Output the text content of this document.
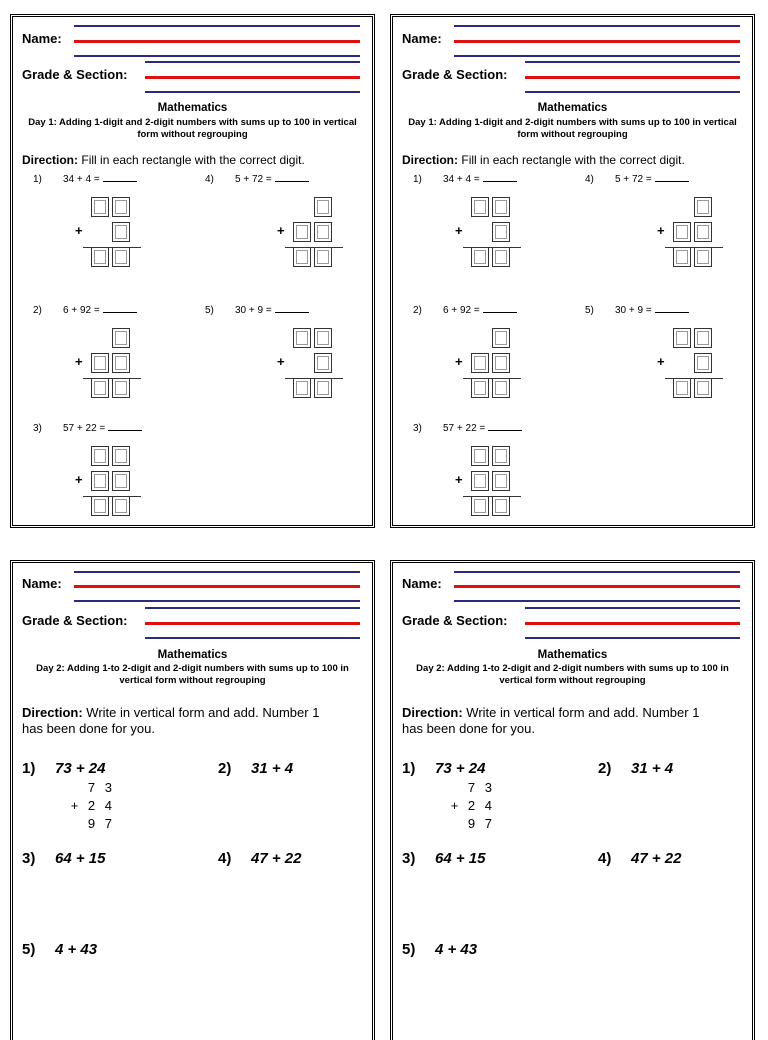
Name:
Grade & Section:
Mathematics
Day 1: Adding 1-digit and 2-digit numbers with sums up to 100 in vertical form without regrouping
Direction: Fill in each rectangle with the correct digit.
1) 34 + 4 =
+
4) 5 + 72 =
+
2) 6 + 92 =
+
5) 30 + 9 =
+
3) 57 + 22 =
+
Name:
Grade & Section:
Mathematics
Day 1: Adding 1-digit and 2-digit numbers with sums up to 100 in vertical form without regrouping
Direction: Fill in each rectangle with the correct digit.
1) 34 + 4 =
+
4) 5 + 72 =
+
2) 6 + 92 =
+
5) 30 + 9 =
+
3) 57 + 22 =
+
Name:
Grade & Section:
Mathematics
Day 2: Adding 1-to 2-digit and 2-digit numbers with sums up to 100 in vertical form without regrouping
Direction: Write in vertical form and add. Number 1 has been done for you.
1) 73 + 24	2) 31 + 4
7 3
+ 2 4
9 7
3) 64 + 15	4) 47 + 22
5) 4 + 43
Name:
Grade & Section:
Mathematics
Day 2: Adding 1-to 2-digit and 2-digit numbers with sums up to 100 in vertical form without regrouping
Direction: Write in vertical form and add. Number 1 has been done for you.
1) 73 + 24	2) 31 + 4
7 3
+ 2 4
9 7
3) 64 + 15	4) 47 + 22
5) 4 + 43
